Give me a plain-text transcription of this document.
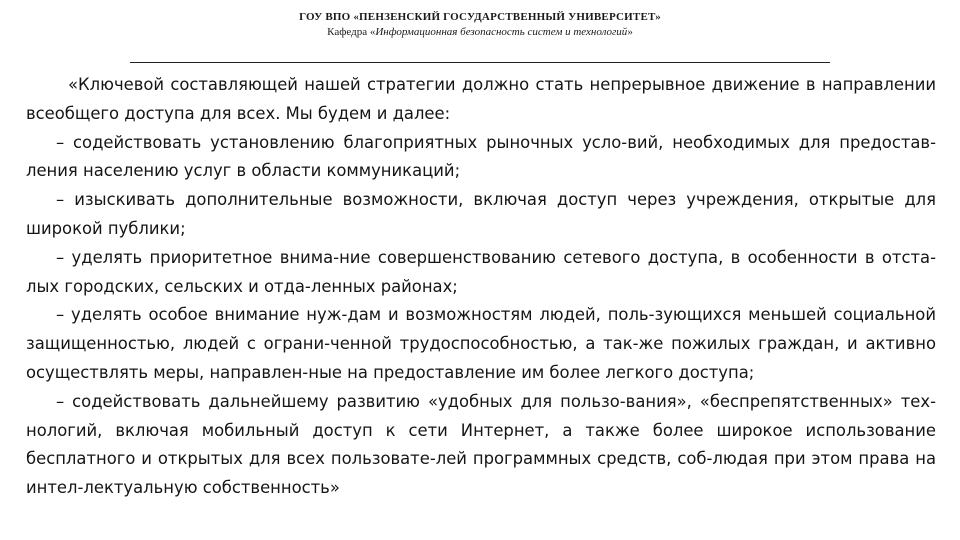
ГОУ ВПО «ПЕНЗЕНСКИЙ ГОСУДАРСТВЕННЫЙ УНИВЕРСИТЕТ»
Кафедра «Информационная безопасность систем и технологий»

«Ключевой составляющей нашей стратегии должно стать непрерывное движение в направлении всеобщего доступа для всех. Мы будем и далее:

– содействовать установлению благоприятных рыночных усло-вий, необходимых для предостав-ления населению услуг в области коммуникаций;

– изыскивать дополнительные возможности, включая доступ через учреждения, открытые для широкой публики;

– уделять приоритетное внима-ние совершенствованию сетевого доступа, в особенности в отста-лых городских, сельских и отда-ленных районах;

– уделять особое внимание нуж-дам и возможностям людей, поль-зующихся меньшей социальной защищенностью, людей с ограни-ченной трудоспособностью, а так-же пожилых граждан, и активно осуществлять меры, направлен-ные на предоставление им более легкого доступа;

– содействовать дальнейшему развитию «удобных для пользо-вания», «беспрепятственных» тех-нологий, включая мобильный доступ к сети Интернет, а также более широкое использование бесплатного и открытых для всех пользовате-лей программных средств, соб-людая при этом права на интел-лектуальную собственность»
